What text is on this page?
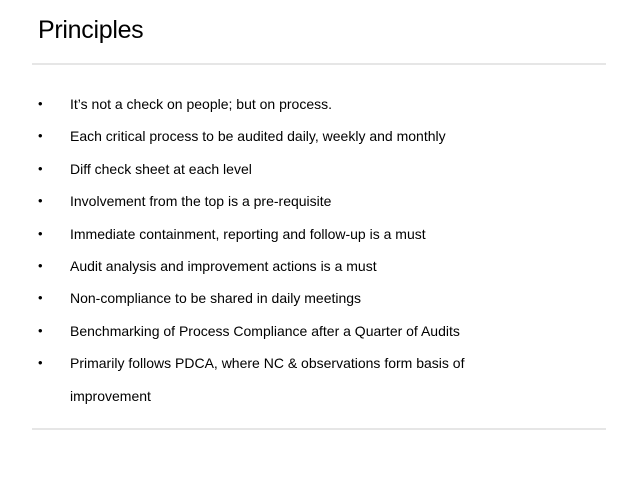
Principles
• It’s not a check on people; but on process.
• Each critical process to be audited daily, weekly and monthly
• Diff check sheet at each level
• Involvement from the top is a pre-requisite
• Immediate containment, reporting and follow-up is a must
• Audit analysis and improvement actions is a must
• Non-compliance to be shared in daily meetings
• Benchmarking of Process Compliance after a Quarter of Audits
• Primarily follows PDCA, where NC & observations form basis of improvement
